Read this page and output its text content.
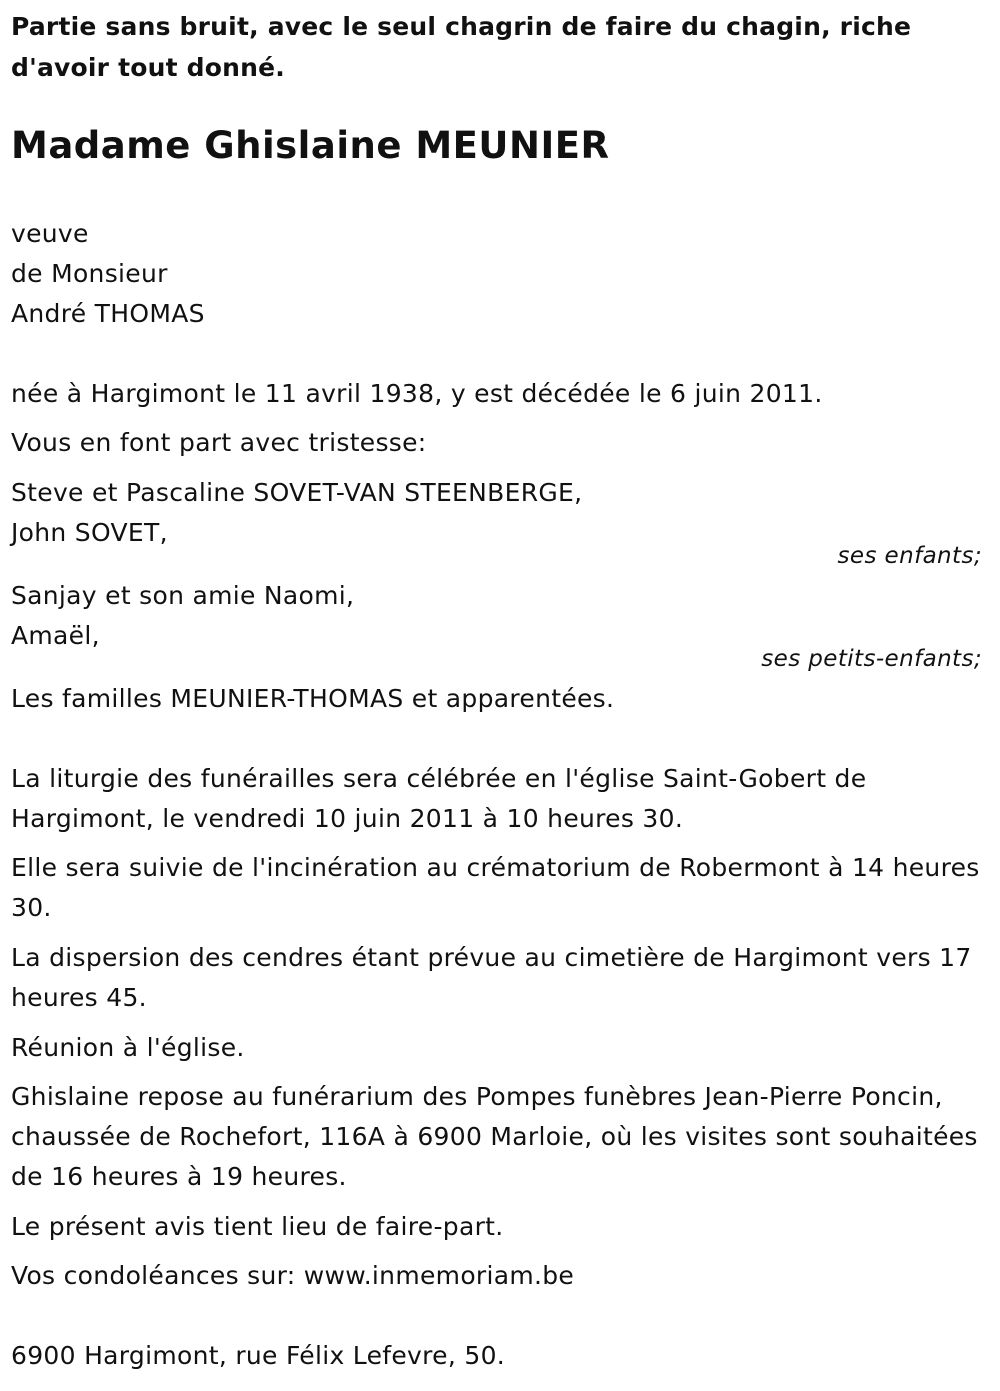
Partie sans bruit, avec le seul chagrin de faire du chagin, riche d'avoir tout donné.
Madame Ghislaine MEUNIER
veuve
de Monsieur
André THOMAS
née à Hargimont le 11 avril 1938, y est décédée le 6 juin 2011.
Vous en font part avec tristesse:
Steve et Pascaline SOVET-VAN STEENBERGE,
John SOVET,
ses enfants;
Sanjay et son amie Naomi,
Amaël,
ses petits-enfants;
Les familles MEUNIER-THOMAS et apparentées.
La liturgie des funérailles sera célébrée en l'église Saint-Gobert de Hargimont, le vendredi 10 juin 2011 à 10 heures 30.
Elle sera suivie de l'incinération au crématorium de Robermont à 14 heures 30.
La dispersion des cendres étant prévue au cimetière de Hargimont vers 17 heures 45.
Réunion à l'église.
Ghislaine repose au funérarium des Pompes funèbres Jean-Pierre Poncin, chaussée de Rochefort, 116A à 6900 Marloie, où les visites sont souhaitées de 16 heures à 19 heures.
Le présent avis tient lieu de faire-part.
Vos condoléances sur: www.inmemoriam.be
6900 Hargimont, rue Félix Lefevre, 50.
